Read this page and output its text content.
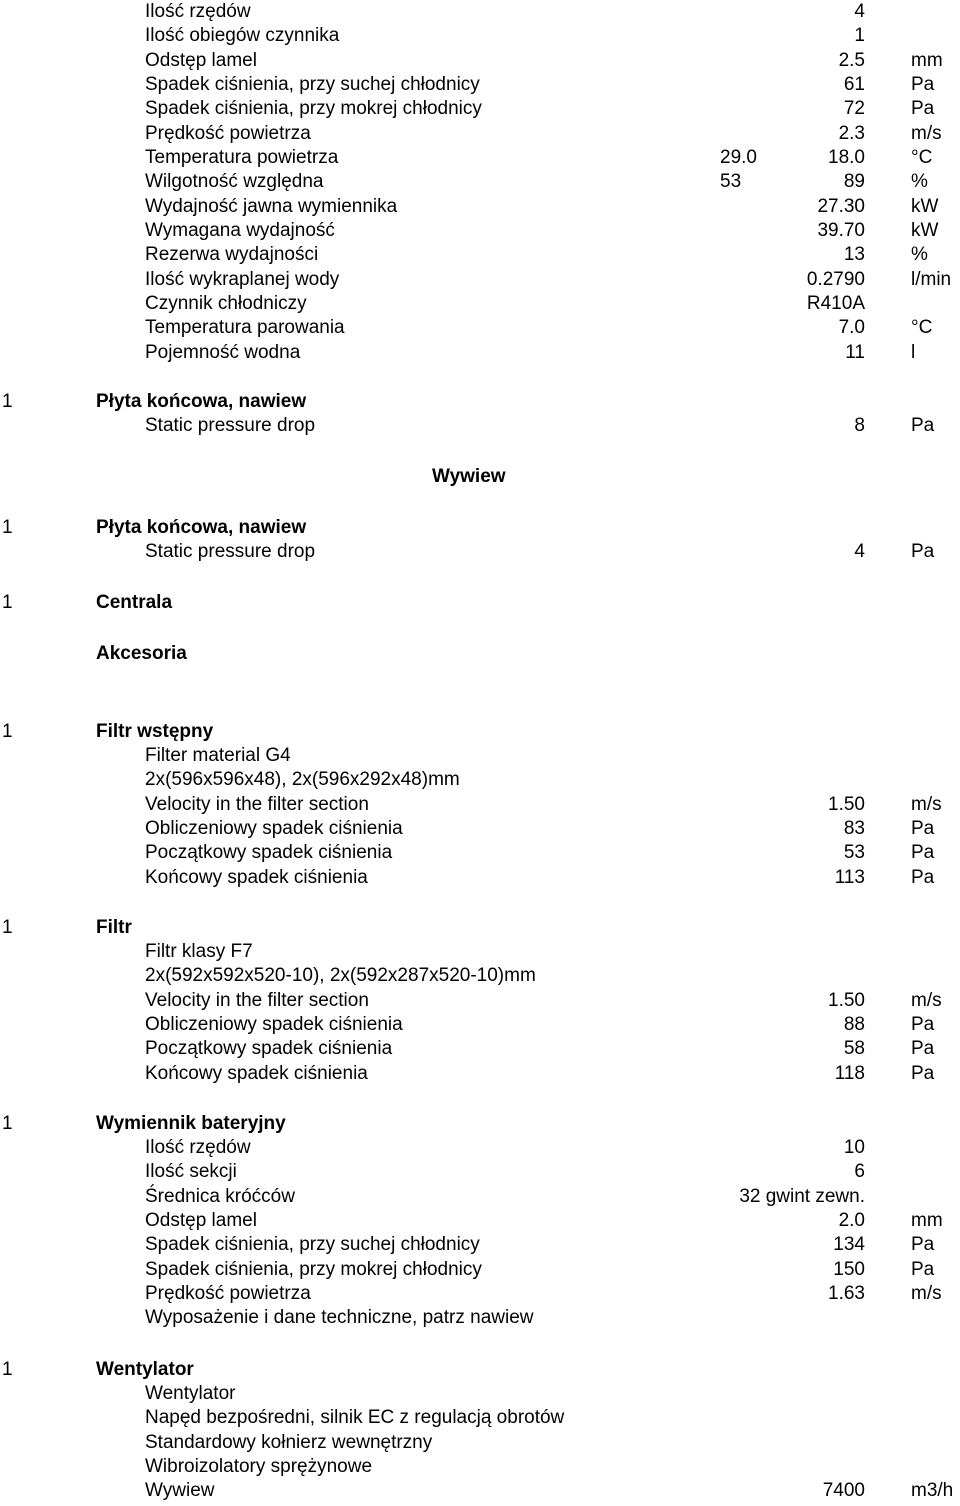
Ilość rzędów	4
Ilość obiegów czynnika	1
Odstęp lamel	2.5 mm
Spadek ciśnienia, przy suchej chłodnicy	61 Pa
Spadek ciśnienia, przy mokrej chłodnicy	72 Pa
Prędkość powietrza	2.3 m/s
Temperatura powietrza	29.0	18.0 °C
Wilgotność względna	53	89 %
Wydajność jawna wymiennika	27.30 kW
Wymagana wydajność	39.70 kW
Rezerwa wydajności	13 %
Ilość wykraplanej wody	0.2790 l/min
Czynnik chłodniczy	R410A
Temperatura parowania	7.0 °C
Pojemność wodna	11 l
1	Płyta końcowa, nawiew
Static pressure drop	8 Pa
Wywiew
1	Płyta końcowa, nawiew
Static pressure drop	4 Pa
1	Centrala
Akcesoria
1	Filtr wstępny
Filter material G4
2x(596x596x48), 2x(596x292x48)mm
Velocity in the filter section	1.50 m/s
Obliczeniowy spadek ciśnienia	83 Pa
Początkowy spadek ciśnienia	53 Pa
Końcowy spadek ciśnienia	113 Pa
1	Filtr
Filtr klasy F7
2x(592x592x520-10), 2x(592x287x520-10)mm
Velocity in the filter section	1.50 m/s
Obliczeniowy spadek ciśnienia	88 Pa
Początkowy spadek ciśnienia	58 Pa
Końcowy spadek ciśnienia	118 Pa
1	Wymiennik bateryjny
Ilość rzędów	10
Ilość sekcji	6
Średnica króćców	32 gwint zewn.
Odstęp lamel	2.0 mm
Spadek ciśnienia, przy suchej chłodnicy	134 Pa
Spadek ciśnienia, przy mokrej chłodnicy	150 Pa
Prędkość powietrza	1.63 m/s
Wyposażenie i dane techniczne, patrz nawiew
1	Wentylator
Wentylator
Napęd bezpośredni, silnik EC z regulacją obrotów
Standardowy kołnierz wewnętrzny
Wibroizolatory sprężynowe
Wywiew	7400 m3/h
